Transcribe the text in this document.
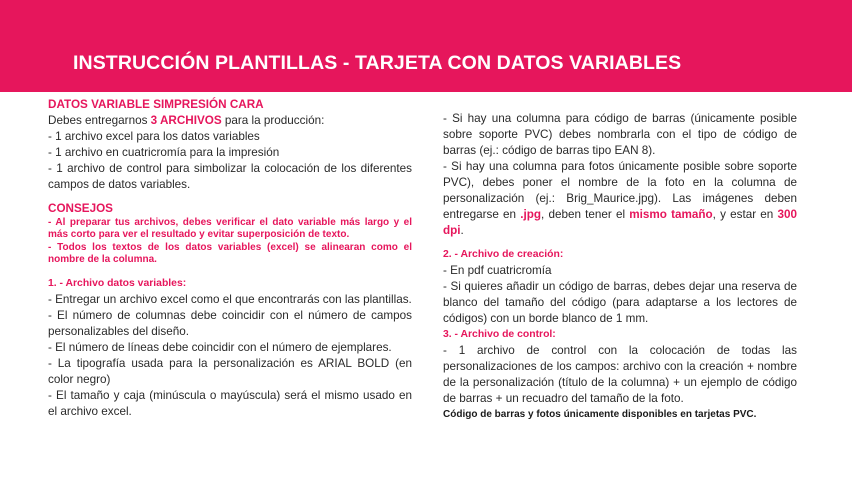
INSTRUCCIÓN PLANTILLAS - TARJETA CON DATOS VARIABLES

DATOS VARIABLE SIMPRESIÓN CARA

Debes entregarnos 3 ARCHIVOS para la producción:

- 1 archivo excel para los datos variables

- 1 archivo en cuatricromía para la impresión

- 1 archivo de control para simbolizar la colocación de los diferentes campos de datos variables.

CONSEJOS

- Al preparar tus archivos, debes verificar el dato variable más largo y el más corto para ver el resultado y evitar superposición de texto.

- Todos los textos de los datos variables (excel) se alinearan como el nombre de la columna.

1. - Archivo datos variables:

- Entregar un archivo excel como el que encontrarás con las plantillas.

- El número de columnas debe coincidir con el número de campos personalizables del diseño.

- El número de líneas debe coincidir con el número de ejemplares.

- La tipografía usada para la personalización es ARIAL BOLD (en color negro)

- El tamaño y caja (minúscula o mayúscula) será el mismo usado en el archivo excel.

- Si hay una columna para código de barras (únicamente posible sobre soporte PVC) debes nombrarla con el tipo de código de barras (ej.: código de barras tipo EAN 8).

- Si hay una columna para fotos únicamente posible sobre soporte PVC), debes poner el nombre de la foto en la columna de personalización (ej.: Brig_Maurice.jpg). Las imágenes deben entregarse en .jpg, deben tener el mismo tamaño, y estar en 300 dpi.

2. - Archivo de creación:

- En pdf cuatricromía

- Si quieres añadir un código de barras, debes dejar una reserva de blanco del tamaño del código (para adaptarse a los lectores de códigos) con un borde blanco de 1 mm.

3. - Archivo de control:

- 1 archivo de control con la colocación de todas las personalizaciones de los campos: archivo con la creación + nombre de la personalización (título de la columna) + un ejemplo de código de barras + un recuadro del tamaño de la foto.

Código de barras y fotos únicamente disponibles en tarjetas PVC.
